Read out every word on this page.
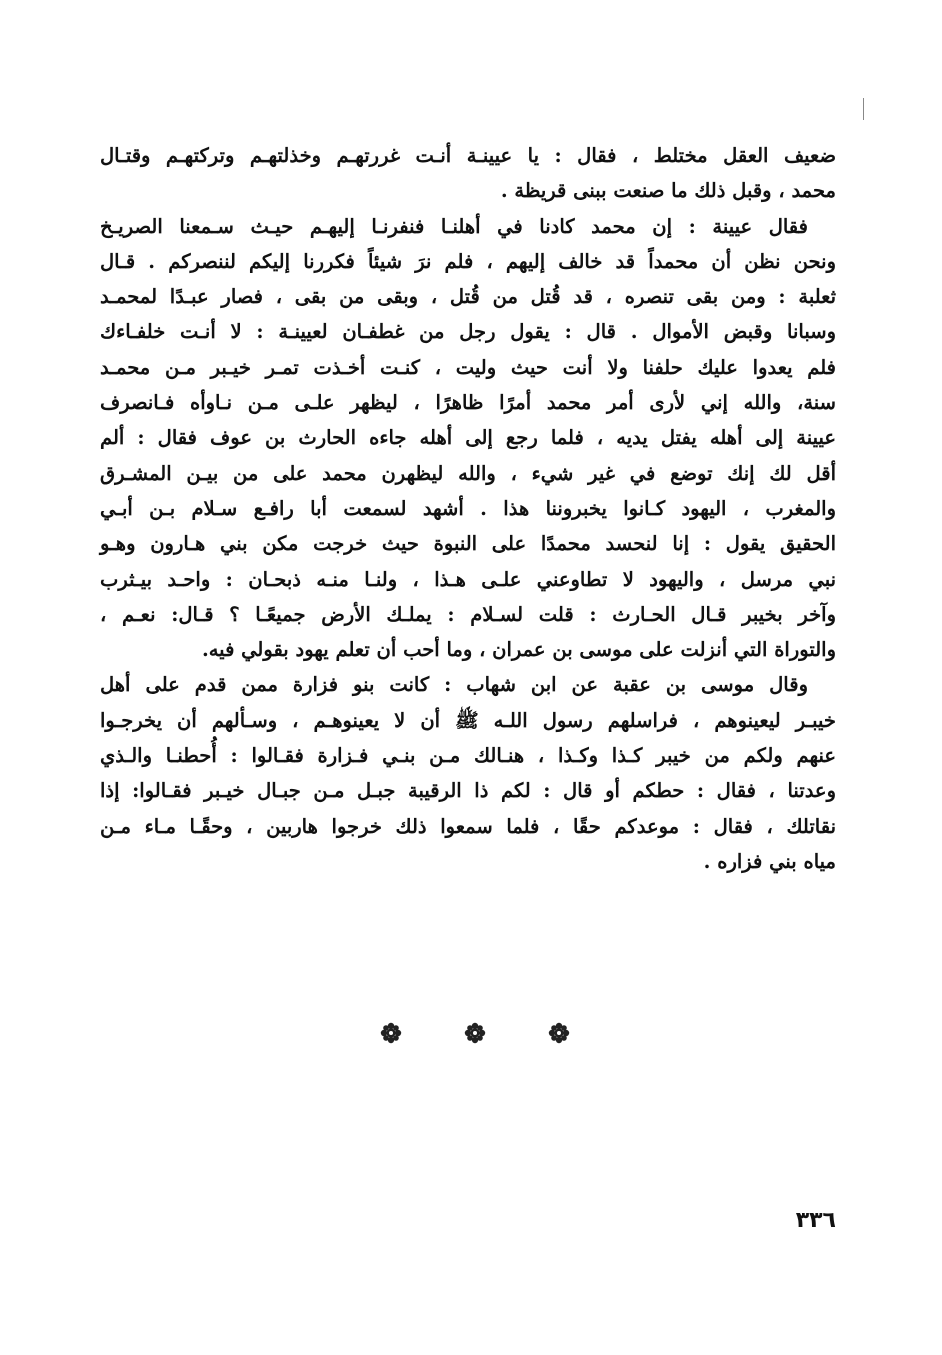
ضعيف العقل مختلط ، فقال : يا عيينـة أنـت غررتهـم وخذلتهـم وتركتهـم وقتـال
محمد ، وقبل ذلك ما صنعت ببنى قريظة .
فقال عيينة : إن محمد كادنا في أهلنـا فنفرنـا إليهـم حيـث سـمعنا الصريـخ
ونحن نظن أن محمداً قد خالف إليهم ، فلم نرَ شيئاً فكررنا إليكم لننصركم . قـال
ثعلبة : ومن بقى تنصره ، قد قُتل من قُتل ، وبقى من بقى ، فصار عبـدًا لمحمـد
وسبانا وقبض الأموال . قال : يقول رجل من غطفـان لعيينـة : لا أنـت خلفـاءك
فلم يعدوا عليك حلفنا ولا أنت حيث وليت ، كنـت أخـذت تمـر خيـبر مـن محمـد
سنة، والله إني لأرى أمر محمد أمرًا ظاهرًا ، ليظهر علـى مـن نـاوأه فـانصرف
عيينة إلى أهله يفتل يديه ، فلما رجع إلى أهله جاءه الحارث بن عوف فقال : ألم
أقل لك إنك توضع في غير شيء ، والله ليظهرن محمد على من بيـن المشـرق
والمغرب ، اليهود كـانوا يخبروننا هذا . أشهد لسمعت أبا رافـع سـلام بـن أبـي
الحقيق يقول : إنا لنحسد محمدًا على النبوة حيث خرجت مكن بني هـارون وهـو
نبي مرسل ، واليهود لا تطاوعني علـى هـذا ، ولنـا منـه ذبحـان : واحـد بيـثرب
وآخر بخيبر قـال الحـارث : قلت لسـلام : يملـك الأرض جميعًـا ؟ قـال: نعـم ،
والتوراة التي أنزلت على موسى بن عمران ، وما أحب أن تعلم يهود بقولي فيه.
وقال موسى بن عقبة عن ابن شهاب : كانت بنو فزارة ممن قدم على أهل
خيبـر ليعينوهم ، فراسلهم رسول اللـه ﷺ أن لا يعينوهـم ، وسـألهم أن يخرجـوا
عنهم ولكم من خيبر كـذا وكـذا ، هنـالك مـن بنـي فـزارة فقـالوا : أُحطنـا والـذي
وعدتنا ، فقال : حطكم أو قال : لكم ذا الرقيبة جبـل مـن جبـال خيـبر فقـالوا: إذا
نقاتلك ، فقال : موعدكم حقًا ، فلما سمعوا ذلك خرجوا هاربين ، وحقًـا مـاء مـن
مياه بني فزاره .
٣٣٦
